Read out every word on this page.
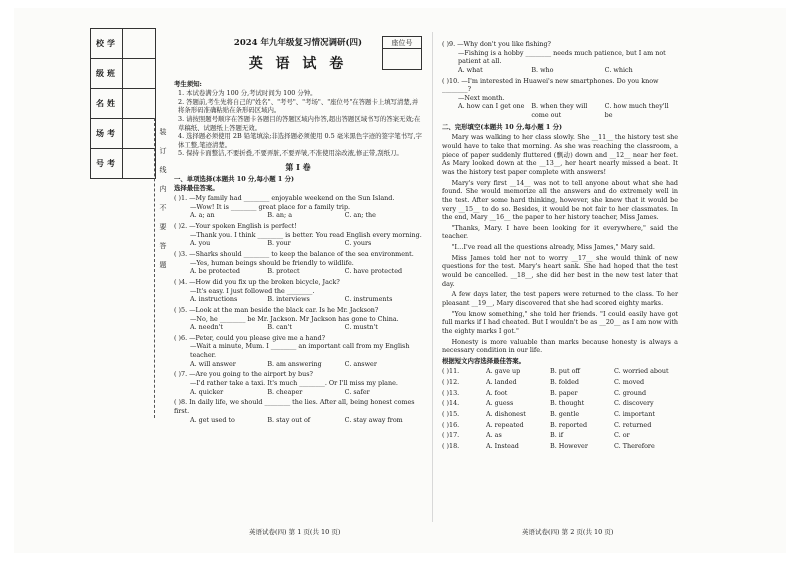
学 校	
班 级	
姓 名	
考 场	
考 号		装 订 线 内 不 要 答 题
2024 年九年级复习情况调研(四)	座位号
英 语 试 卷
考生须知:
1. 本试卷满分为 100 分,考试时间为 100 分钟。
2. 答题前,考生先将自己的"姓名"、"考号"、"考场"、"座位号"在答题卡上填写清楚,并将条形码准确粘贴在条形码区域内。
3. 请按照题号顺序在答题卡各题目的答题区域内作答,超出答题区域书写的答案无效;在草稿纸、试题纸上答题无效。
4. 选择题必须使用 2B 铅笔填涂;非选择题必须使用 0.5 毫米黑色字迹的签字笔书写,字体工整,笔迹清楚。
5. 保持卡面整洁,不要折叠,不要弄脏,不要弄皱,不准使用涂改液,修正带,刮纸刀。
第 Ⅰ 卷
一、单项选择(本题共 10 分,每小题 1 分)
选择最佳答案。
( )1. —My family had ________ enjoyable weekend on the Sun Island.
—Wow! It is ________ great place for a family trip.
A. a; an	B. an; a	C. an; the
( )2. —Your spoken English is perfect!
—Thank you. I think ________ is better. You read English every morning.
A. you	B. your	C. yours
( )3. —Sharks should ________ to keep the balance of the sea environment.
—Yes, human beings should be friendly to wildlife.
A. be protected	B. protect	C. have protected
( )4. —How did you fix up the broken bicycle, Jack?
—It's easy. I just followed the ________.
A. instructions	B. interviews	C. instruments
( )5. —Look at the man beside the black car. Is he Mr. Jackson?
—No, he ________ be Mr. Jackson. Mr Jackson has gone to China.
A. needn't	B. can't	C. mustn't
( )6. —Peter, could you please give me a hand?
—Wait a minute, Mum. I ________ an important call from my English teacher.
A. will answer	B. am answering	C. answer
( )7. —Are you going to the airport by bus?
—I'd rather take a taxi. It's much ________. Or I'll miss my plane.
A. quicker	B. cheaper	C. safer
( )8. In daily life, we should ________ the lies. After all, being honest comes first.
A. get used to	B. stay out of	C. stay away from
( )9. —Why don't you like fishing?
—Fishing is a hobby ________ needs much patience, but I am not patient at all.
A. what	B. who	C. which
( )10. —I'm interested in Huawei's new smartphones. Do you know ________?
—Next month.
A. how can I get one	B. when they will come out
C. how much they'll be
二、完形填空(本题共 10 分,每小题 1 分)
Mary was walking to her class slowly. She __11__ the history test she would have to take that morning. As she was reaching the classroom, a piece of paper suddenly fluttered (飘动) down and __12__ near her feet. As Mary looked down at the __13__, her heart nearly missed a beat. It was the history test paper complete with answers!
Mary's very first __14__ was not to tell anyone about what she had found. She would memorize all the answers and do extremely well in the test. After some hard thinking, however, she knew that it would be very __15__ to do so. Besides, it would be not fair to her classmates. In the end, Mary __16__ the paper to her history teacher, Miss James.
"Thanks, Mary. I have been looking for it everywhere," said the teacher.
"I…I've read all the questions already, Miss James," Mary said.
Miss James told her not to worry __17__ she would think of new questions for the test. Mary's heart sank. She had hoped that the test would be cancelled. __18__, she did her best in the new test later that day.
A few days later, the test papers were returned to the class. To her pleasant __19__, Mary discovered that she had scored eighty marks.
"You know something," she told her friends. "I could easily have got full marks if I had cheated. But I wouldn't be as __20__ as I am now with the eighty marks I got."
Honesty is more valuable than marks because honesty is always a necessary condition in our life.
根据短文内容选择最佳答案。
( )11.	A. gave up	B. put off	C. worried about
( )12.	A. landed	B. folded	C. moved
( )13.	A. foot	B. paper	C. ground
( )14.	A. guess	B. thought	C. discovery
( )15.	A. dishonest	B. gentle	C. important
( )16.	A. repeated	B. reported	C. returned
( )17.	A. as	B. if	C. or
( )18.	A. Instead	B. However	C. Therefore
英语试卷(四) 第 1 页(共 10 页)	英语试卷(四) 第 2 页(共 10 页)
